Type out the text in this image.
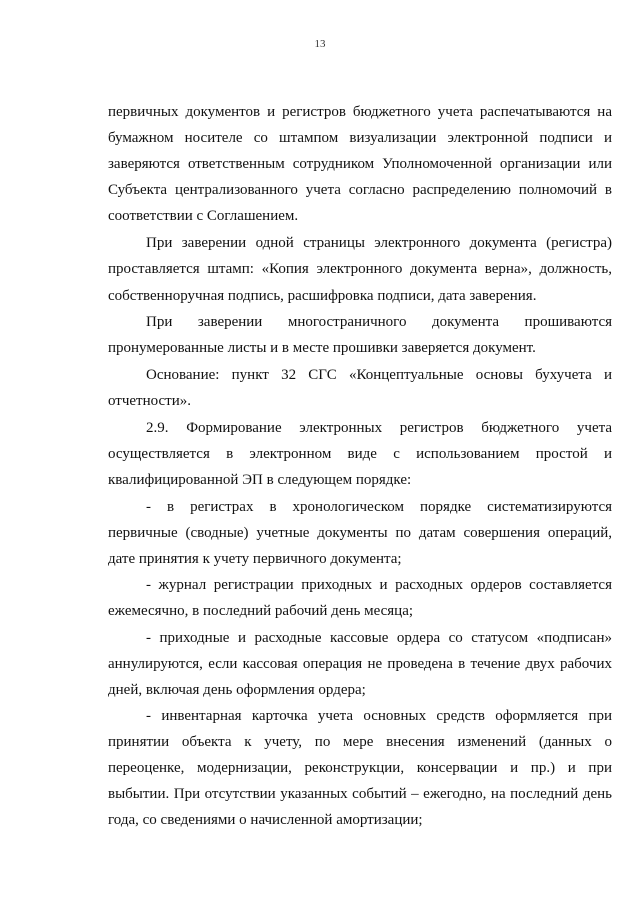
13
первичных документов и регистров бюджетного учета распечатываются на
бумажном носителе со штампом визуализации электронной подписи и
заверяются ответственным сотрудником Уполномоченной организации или
Субъекта централизованного учета согласно распределению полномочий в
соответствии с Соглашением.
При заверении одной страницы электронного документа (регистра)
проставляется штамп: «Копия электронного документа верна», должность,
собственноручная подпись, расшифровка подписи, дата заверения.
При заверении многостраничного документа прошиваются
пронумерованные листы и в месте прошивки заверяется документ.
Основание: пункт 32 СГС «Концептуальные основы бухучета и
отчетности».
2.9. Формирование электронных регистров бюджетного учета
осуществляется в электронном виде с использованием простой и
квалифицированной ЭП в следующем порядке:
- в регистрах в хронологическом порядке систематизируются
первичные (сводные) учетные документы по датам совершения операций,
дате принятия к учету первичного документа;
- журнал регистрации приходных и расходных ордеров составляется
ежемесячно, в последний рабочий день месяца;
- приходные и расходные кассовые ордера со статусом «подписан»
аннулируются, если кассовая операция не проведена в течение двух рабочих
дней, включая день оформления ордера;
- инвентарная карточка учета основных средств оформляется при
принятии объекта к учету, по мере внесения изменений (данных о
переоценке, модернизации, реконструкции, консервации и пр.) и при
выбытии. При отсутствии указанных событий – ежегодно, на последний день
года, со сведениями о начисленной амортизации;
